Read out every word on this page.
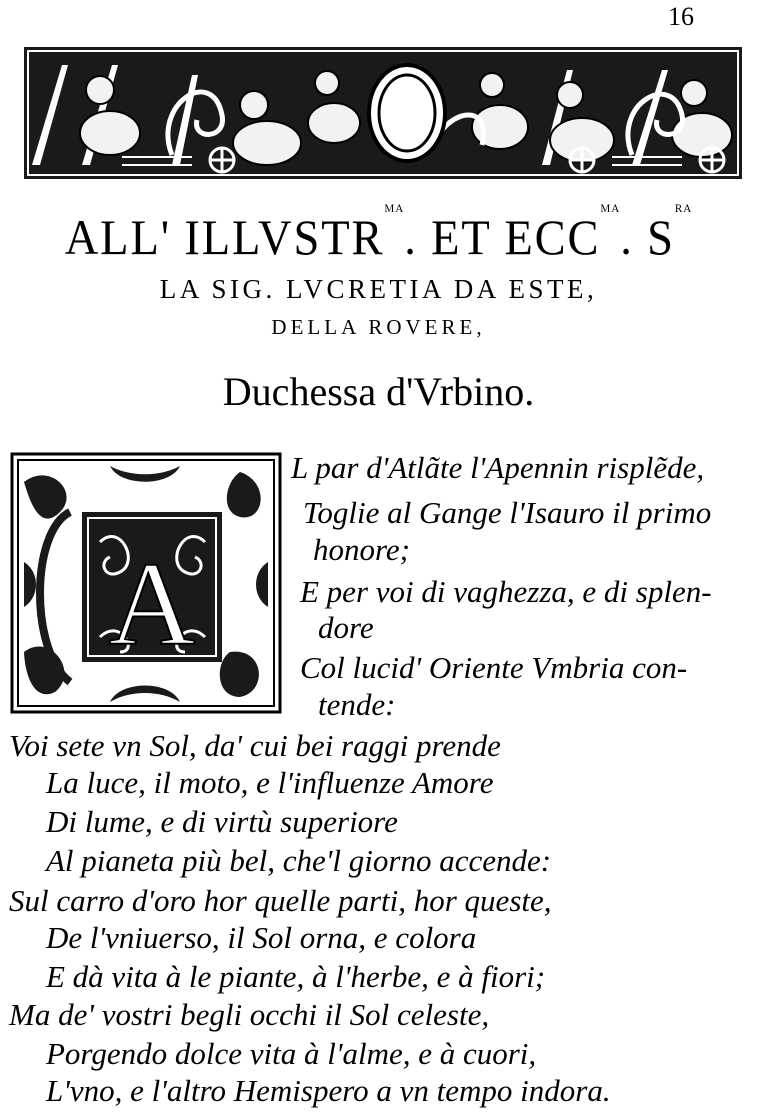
16
ALL' $ILLVSTR^{MA}$. ET $ECC^{MA}$. $S^{RA}$
LA SIG. LVCRETIA DA ESTE,
DELLA ROVERE,
Duchessa d'Vrbino.
A
L par d'Atlãte l'Apennin risplẽde,
Toglie al Gange l'Isauro il primo
honore;
E per voi di vaghezza, e di splen-
dore
Col lucid' Oriente Vmbria con-
tende:
Voi sete vn Sol, da' cui bei raggi prende
La luce, il moto, e l'influenze Amore
Di lume, e di virtù superiore
Al pianeta più bel, che'l giorno accende:
Sul carro d'oro hor quelle parti, hor queste,
De l'vniuerso, il Sol orna, e colora
E dà vita à le piante, à l'herbe, e à fiori;
Ma de' vostri begli occhi il Sol celeste,
Porgendo dolce vita à l'alme, e à cuori,
L'vno, e l'altro Hemispero a vn tempo indora.
